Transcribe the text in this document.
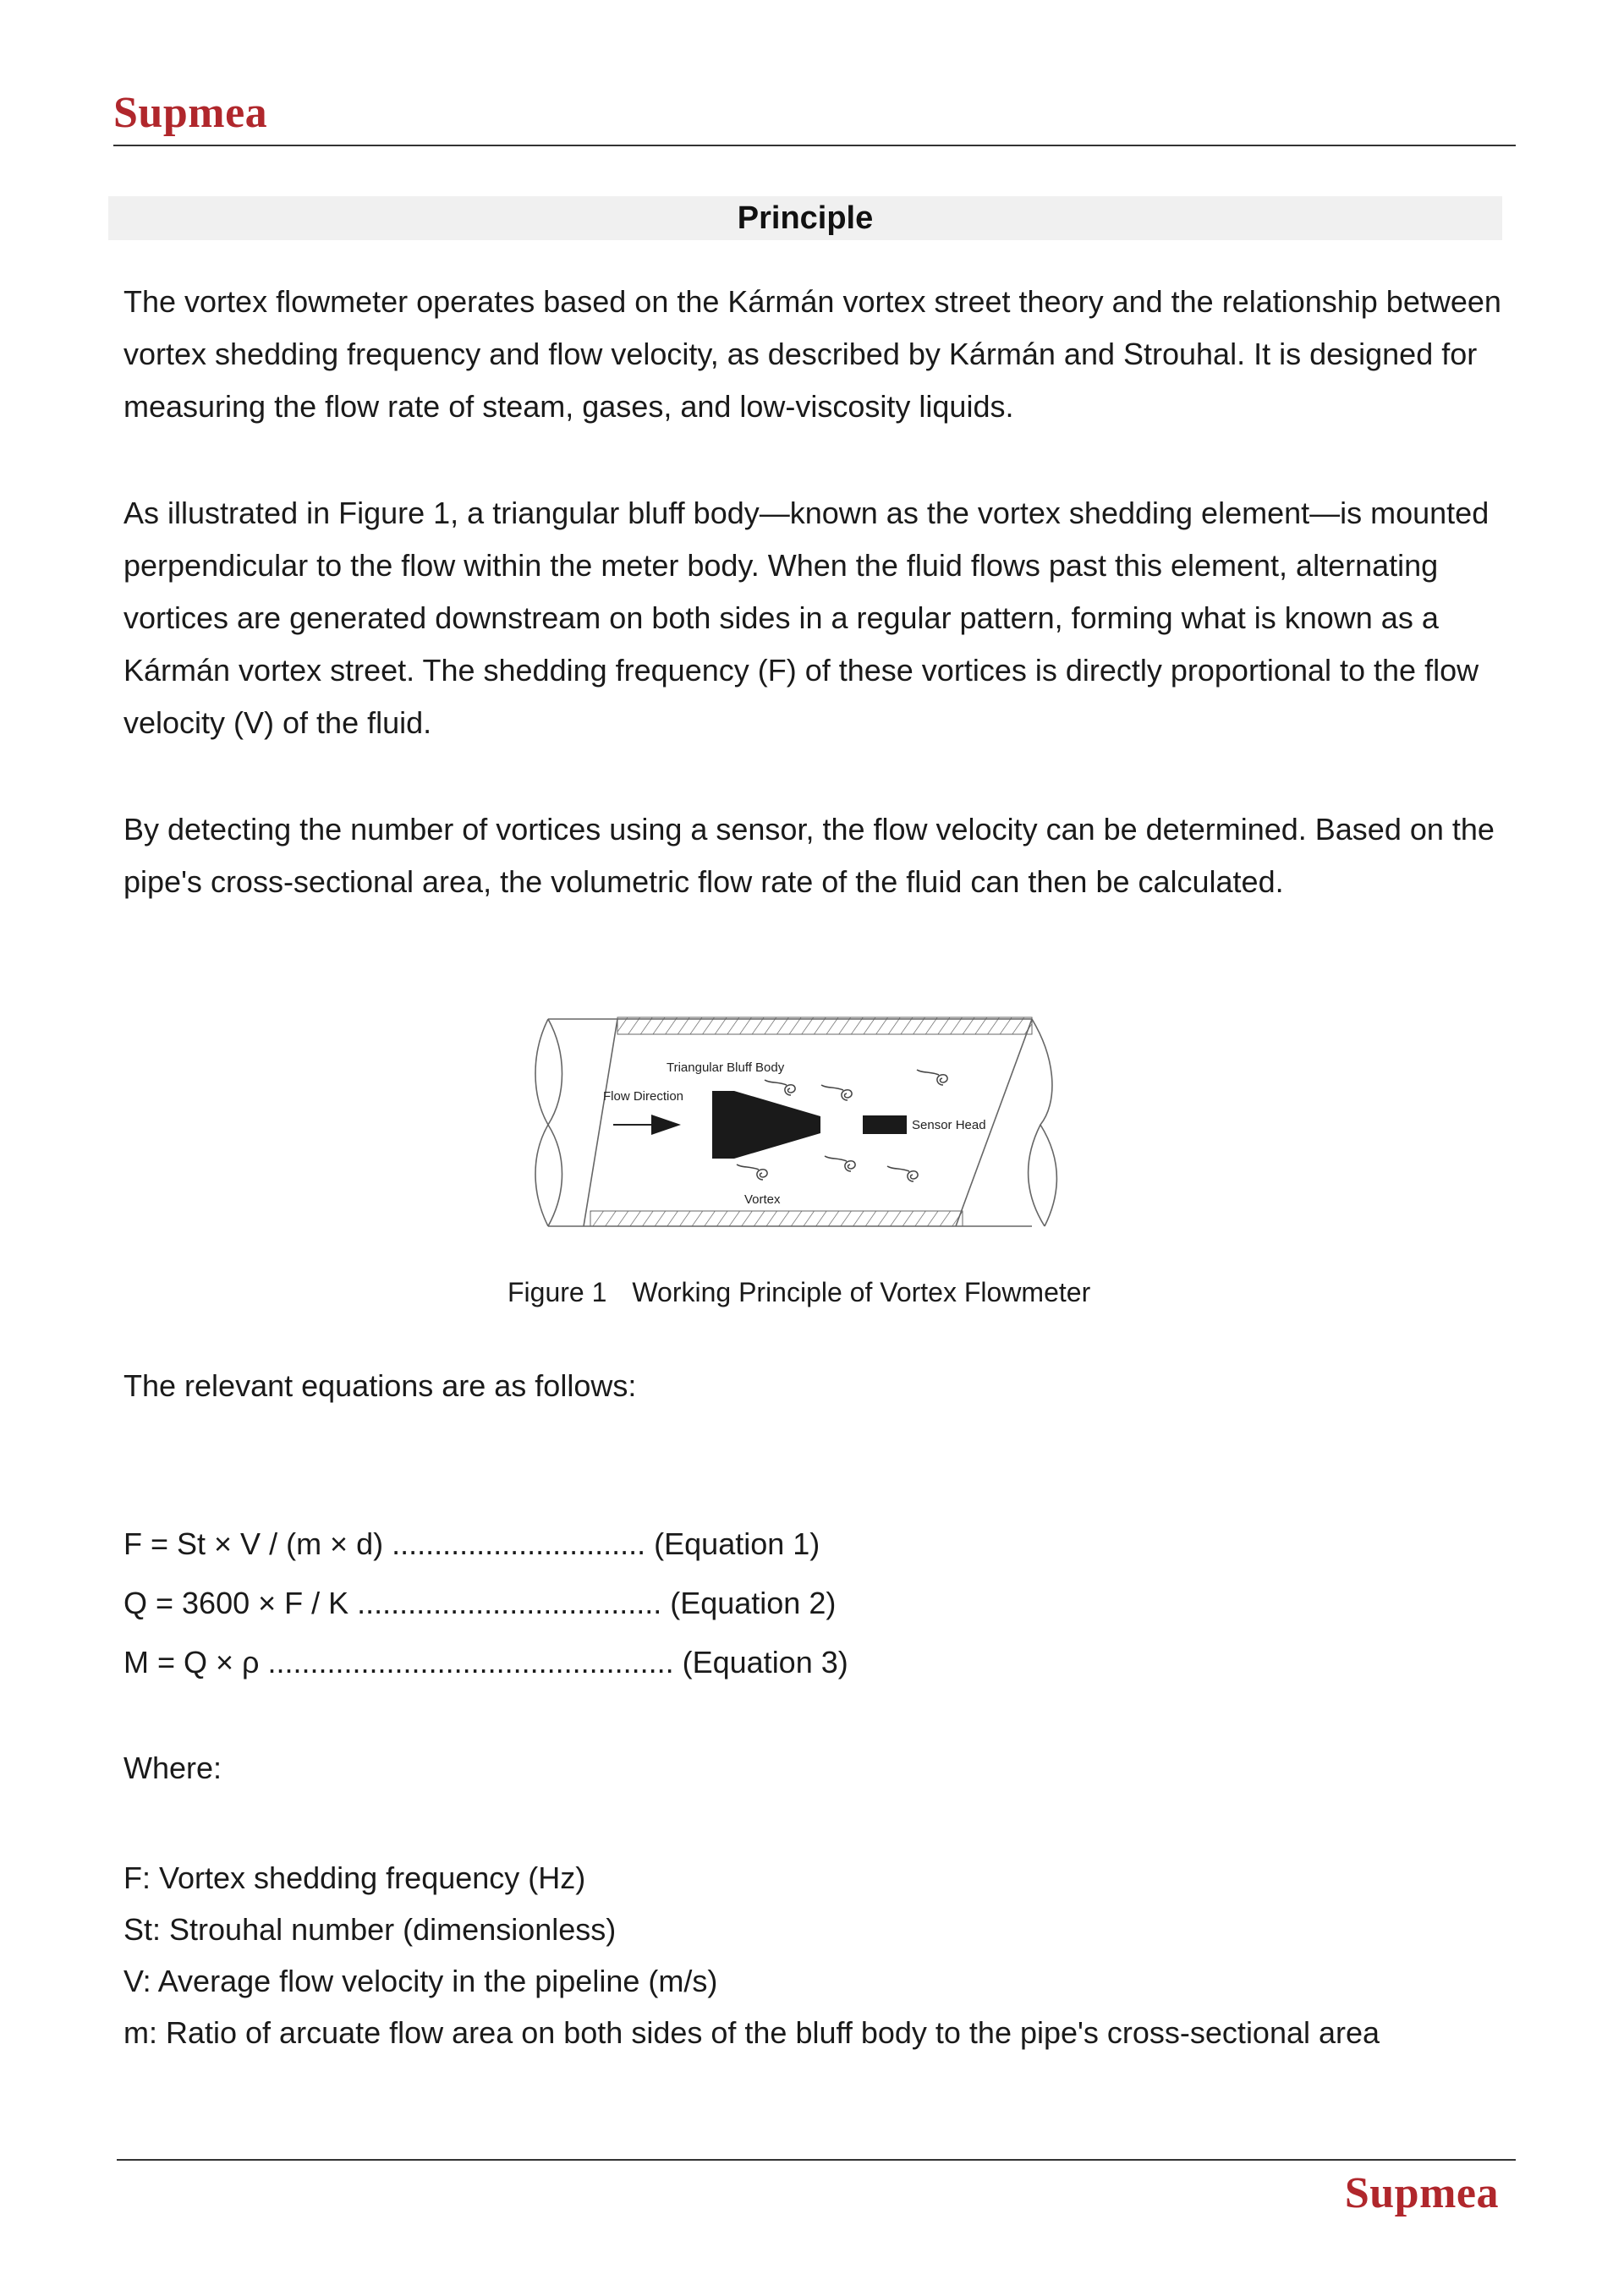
Supmea
Principle

The vortex flowmeter operates based on the Kármán vortex street theory and the relationship between vortex shedding frequency and flow velocity, as described by Kármán and Strouhal. It is designed for measuring the flow rate of steam, gases, and low-viscosity liquids.

As illustrated in Figure 1, a triangular bluff body—known as the vortex shedding element—is mounted perpendicular to the flow within the meter body. When the fluid flows past this element, alternating vortices are generated downstream on both sides in a regular pattern, forming what is known as a Kármán vortex street. The shedding frequency (F) of these vortices is directly proportional to the flow velocity (V) of the fluid.

By detecting the number of vortices using a sensor, the flow velocity can be determined. Based on the pipe's cross-sectional area, the volumetric flow rate of the fluid can then be calculated.

Triangular Bluff Body
Flow Direction
Sensor Head
Vortex
Figure 1 Working Principle of Vortex Flowmeter
The relevant equations are as follows:
F = St × V / (m × d) .............................. (Equation 1)
Q = 3600 × F / K .................................... (Equation 2)
M = Q × ρ ................................................ (Equation 3)
Where:
F: Vortex shedding frequency (Hz)
St: Strouhal number (dimensionless)
V: Average flow velocity in the pipeline (m/s)
m: Ratio of arcuate flow area on both sides of the bluff body to the pipe's cross-sectional area
Supmea
